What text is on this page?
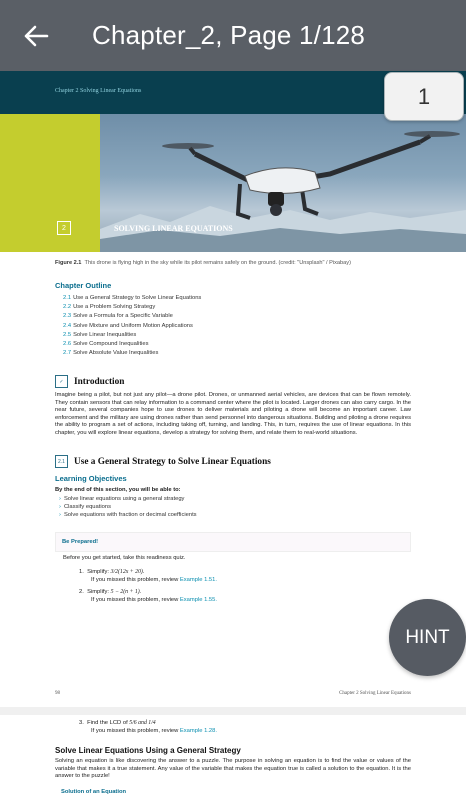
Chapter_2, Page 1/128
1
Chapter 2 Solving Linear Equations
2	SOLVING LINEAR EQUATIONS
Figure 2.1 This drone is flying high in the sky while its pilot remains safely on the ground. (credit: "Unsplash" / Pixabay)
Chapter Outline
2.1 Use a General Strategy to Solve Linear Equations
2.2 Use a Problem Solving Strategy
2.3 Solve a Formula for a Specific Variable
2.4 Solve Mixture and Uniform Motion Applications
2.5 Solve Linear Inequalities
2.6 Solve Compound Inequalities
2.7 Solve Absolute Value Inequalities
✓	Introduction
Imagine being a pilot, but not just any pilot—a drone pilot. Drones, or unmanned aerial vehicles, are devices that can be flown remotely. They contain sensors that can relay information to a command center where the pilot is located. Larger drones can also carry cargo. In the near future, several companies hope to use drones to deliver materials and piloting a drone will become an important career. Law enforcement and the military are using drones rather than send personnel into dangerous situations. Building and piloting a drone requires the ability to program a set of actions, including taking off, turning, and landing. This, in turn, requires the use of linear equations. In this chapter, you will explore linear equations, develop a strategy for solving them, and relate them to real-world situations.
2.1 Use a General Strategy to Solve Linear Equations
Learning Objectives
By the end of this section, you will be able to:
› Solve linear equations using a general strategy
› Classify equations
› Solve equations with fraction or decimal coefficients
Be Prepared!
Before you get started, take this readiness quiz.
1. Simplify: 3/2(12x + 20).
If you missed this problem, review Example 1.51.
2. Simplify: 5 − 2(n + 1).
If you missed this problem, review Example 1.55.
98	Chapter 2 Solving Linear Equations
3. Find the LCD of 5/6 and 1/4
If you missed this problem, review Example 1.28.
Solve Linear Equations Using a General Strategy
Solving an equation is like discovering the answer to a puzzle. The purpose in solving an equation is to find the value or values of the variable that makes it a true statement. Any value of the variable that makes the equation true is called a solution to the equation. It is the answer to the puzzle!
Solution of an Equation
HINT
